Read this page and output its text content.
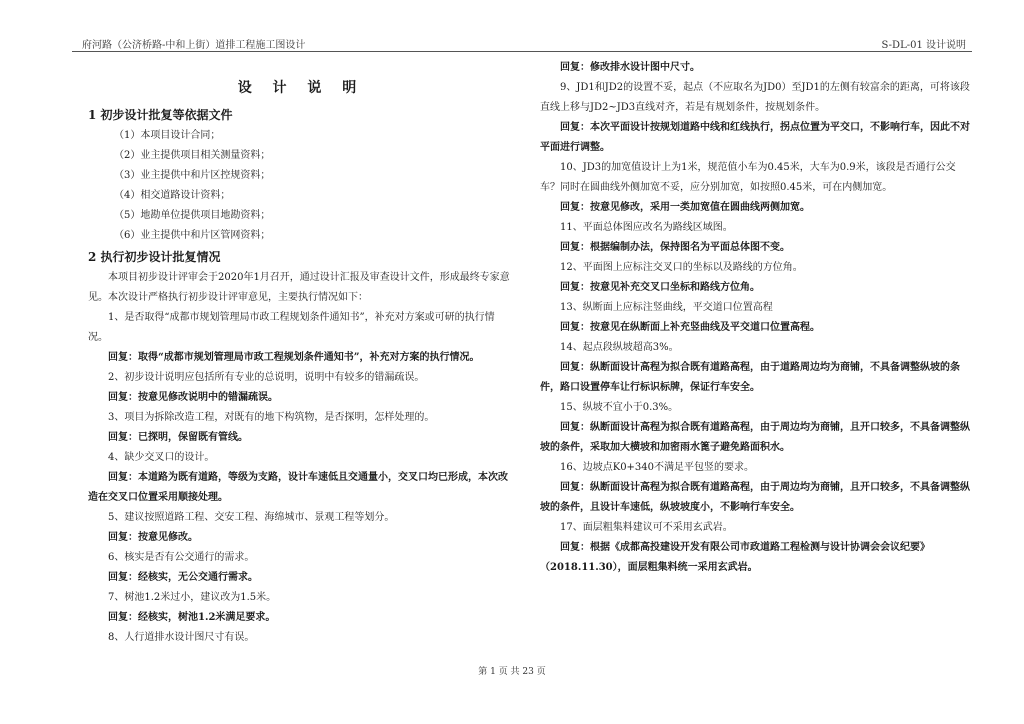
府河路（公济桥路-中和上街）道排工程施工图设计	S-DL-01 设计说明
设 计 说 明
1 初步设计批复等依据文件
（1）本项目设计合同；
（2）业主提供项目相关测量资料；
（3）业主提供中和片区控规资料；
（4）相交道路设计资料；
（5）地勘单位提供项目地勘资料；
（6）业主提供中和片区管网资料；
2 执行初步设计批复情况
本项目初步设计评审会于2020年1月召开，通过设计汇报及审查设计文件，形成最终专家意见。本次设计严格执行初步设计评审意见，主要执行情况如下：
1、是否取得“成都市规划管理局市政工程规划条件通知书”，补充对方案或可研的执行情况。
回复：取得“成都市规划管理局市政工程规划条件通知书”，补充对方案的执行情况。
2、初步设计说明应包括所有专业的总说明，说明中有较多的错漏疏误。
回复：按意见修改说明中的错漏疏误。
3、项目为拆除改造工程，对既有的地下构筑物，是否探明，怎样处理的。
回复：已探明，保留既有管线。
4、缺少交叉口的设计。
回复：本道路为既有道路，等级为支路，设计车速低且交通量小，交叉口均已形成，本次改造在交叉口位置采用顺接处理。
5、建议按照道路工程、交安工程、海绵城市、景观工程等划分。
回复：按意见修改。
6、核实是否有公交通行的需求。
回复：经核实，无公交通行需求。
7、树池1.2米过小，建议改为1.5米。
回复：经核实，树池1.2米满足要求。
8、人行道排水设计图尺寸有误。
回复：修改排水设计图中尺寸。
9、JD1和JD2的设置不妥，起点（不应取名为JD0）至JD1的左侧有较富余的距离，可将该段直线上移与JD2~JD3直线对齐，若是有规划条件，按规划条件。
回复：本次平面设计按规划道路中线和红线执行，拐点位置为平交口，不影响行车，因此不对平面进行调整。
10、JD3的加宽值设计上为1米，规范值小车为0.45米，大车为0.9米，该段是否通行公交车？同时在圆曲线外侧加宽不妥，应分别加宽，如按照0.45米，可在内侧加宽。
回复：按意见修改，采用一类加宽值在圆曲线两侧加宽。
11、平面总体图应改名为路线区域图。
回复：根据编制办法，保持图名为平面总体图不变。
12、平面图上应标注交叉口的坐标以及路线的方位角。
回复：按意见补充交叉口坐标和路线方位角。
13、纵断面上应标注竖曲线，平交道口位置高程
回复：按意见在纵断面上补充竖曲线及平交道口位置高程。
14、起点段纵坡超高3%。
回复：纵断面设计高程为拟合既有道路高程，由于道路周边均为商铺，不具备调整纵坡的条件，路口设置停车让行标识标牌，保证行车安全。
15、纵坡不宜小于0.3%。
回复：纵断面设计高程为拟合既有道路高程，由于周边均为商铺，且开口较多，不具备调整纵坡的条件，采取加大横坡和加密雨水篦子避免路面积水。
16、边坡点K0+340不满足平包竖的要求。
回复：纵断面设计高程为拟合既有道路高程，由于周边均为商铺，且开口较多，不具备调整纵坡的条件，且设计车速低，纵坡坡度小，不影响行车安全。
17、面层粗集料建议可不采用玄武岩。
回复：根据《成都高投建设开发有限公司市政道路工程检测与设计协调会会议纪要》（2018.11.30），面层粗集料统一采用玄武岩。
第 1 页 共 23 页
